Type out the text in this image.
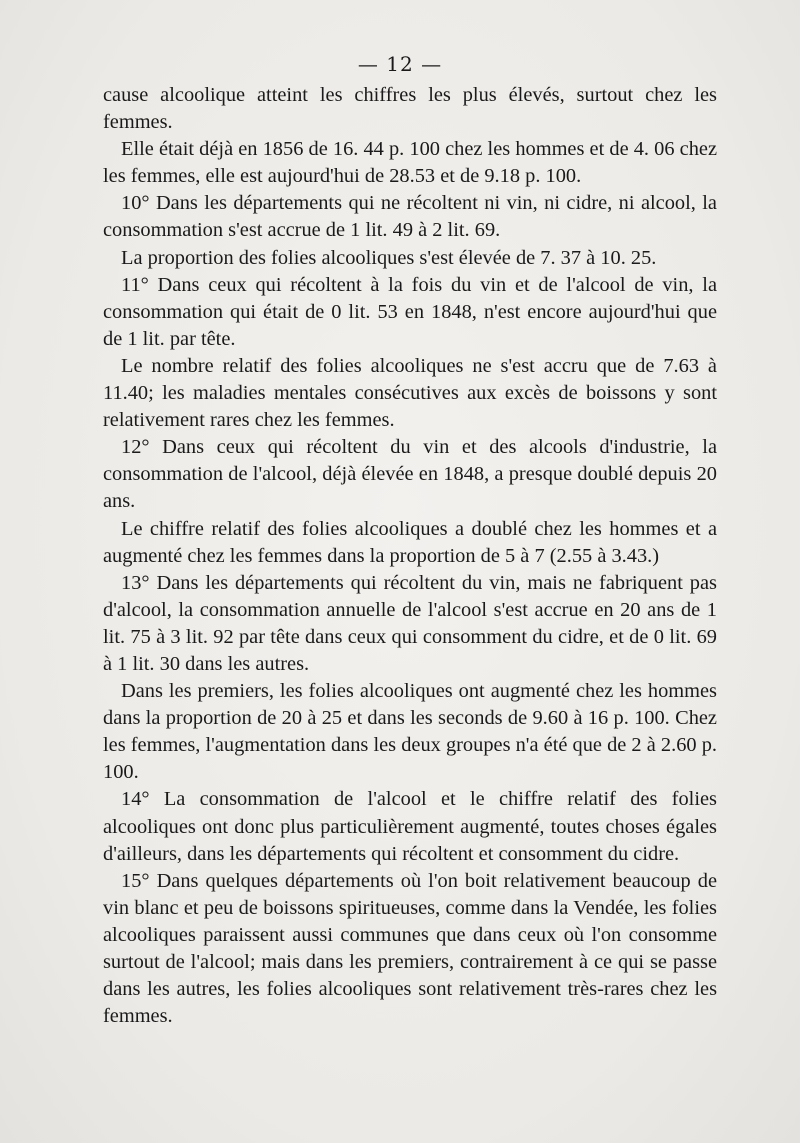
— 12 —

cause alcoolique atteint les chiffres les plus élevés, surtout chez les femmes.

Elle était déjà en 1856 de 16. 44 p. 100 chez les hommes et de 4. 06 chez les femmes, elle est aujourd'hui de 28.53 et de 9.18 p. 100.

10° Dans les départements qui ne récoltent ni vin, ni cidre, ni alcool, la consommation s'est accrue de 1 lit. 49 à 2 lit. 69.

La proportion des folies alcooliques s'est élevée de 7. 37 à 10. 25.

11° Dans ceux qui récoltent à la fois du vin et de l'alcool de vin, la consommation qui était de 0 lit. 53 en 1848, n'est encore aujourd'hui que de 1 lit. par tête.

Le nombre relatif des folies alcooliques ne s'est accru que de 7.63 à 11.40; les maladies mentales consécutives aux excès de boissons y sont relativement rares chez les femmes.

12° Dans ceux qui récoltent du vin et des alcools d'industrie, la consommation de l'alcool, déjà élevée en 1848, a presque doublé depuis 20 ans.

Le chiffre relatif des folies alcooliques a doublé chez les hommes et a augmenté chez les femmes dans la proportion de 5 à 7 (2.55 à 3.43.)

13° Dans les départements qui récoltent du vin, mais ne fabriquent pas d'alcool, la consommation annuelle de l'alcool s'est accrue en 20 ans de 1 lit. 75 à 3 lit. 92 par tête dans ceux qui consomment du cidre, et de 0 lit. 69 à 1 lit. 30 dans les autres.

Dans les premiers, les folies alcooliques ont augmenté chez les hommes dans la proportion de 20 à 25 et dans les seconds de 9.60 à 16 p. 100. Chez les femmes, l'augmentation dans les deux groupes n'a été que de 2 à 2.60 p. 100.

14° La consommation de l'alcool et le chiffre relatif des folies alcooliques ont donc plus particulièrement augmenté, toutes choses égales d'ailleurs, dans les départements qui récoltent et consomment du cidre.

15° Dans quelques départements où l'on boit relativement beaucoup de vin blanc et peu de boissons spiritueuses, comme dans la Vendée, les folies alcooliques paraissent aussi communes que dans ceux où l'on consomme surtout de l'alcool; mais dans les premiers, contrairement à ce qui se passe dans les autres, les folies alcooliques sont relativement très-rares chez les femmes.
